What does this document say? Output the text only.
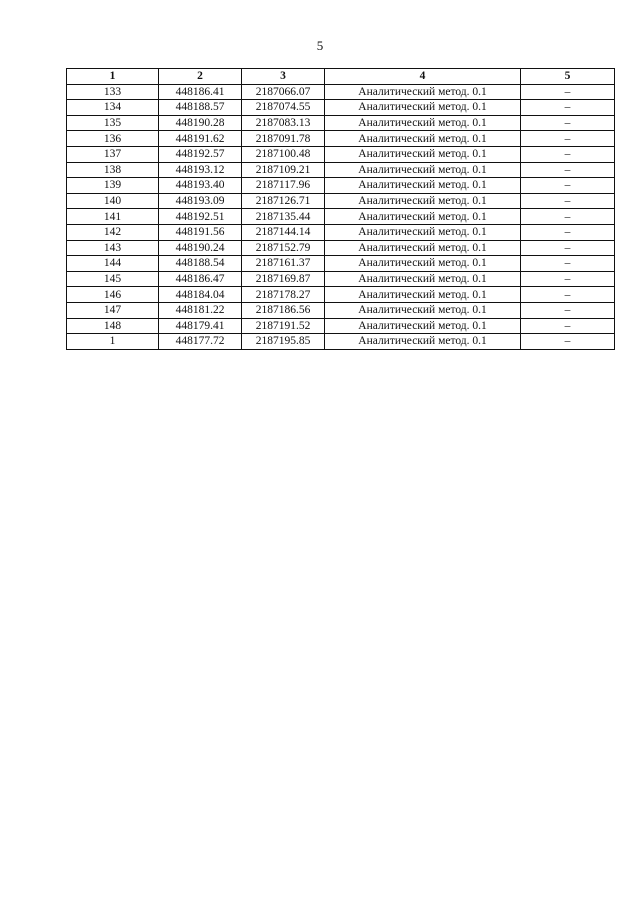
5
1	2	3	4	5
133	448186.41	2187066.07	Аналитический метод. 0.1	–
134	448188.57	2187074.55	Аналитический метод. 0.1	–
135	448190.28	2187083.13	Аналитический метод. 0.1	–
136	448191.62	2187091.78	Аналитический метод. 0.1	–
137	448192.57	2187100.48	Аналитический метод. 0.1	–
138	448193.12	2187109.21	Аналитический метод. 0.1	–
139	448193.40	2187117.96	Аналитический метод. 0.1	–
140	448193.09	2187126.71	Аналитический метод. 0.1	–
141	448192.51	2187135.44	Аналитический метод. 0.1	–
142	448191.56	2187144.14	Аналитический метод. 0.1	–
143	448190.24	2187152.79	Аналитический метод. 0.1	–
144	448188.54	2187161.37	Аналитический метод. 0.1	–
145	448186.47	2187169.87	Аналитический метод. 0.1	–
146	448184.04	2187178.27	Аналитический метод. 0.1	–
147	448181.22	2187186.56	Аналитический метод. 0.1	–
148	448179.41	2187191.52	Аналитический метод. 0.1	–
1	448177.72	2187195.85	Аналитический метод. 0.1	–
